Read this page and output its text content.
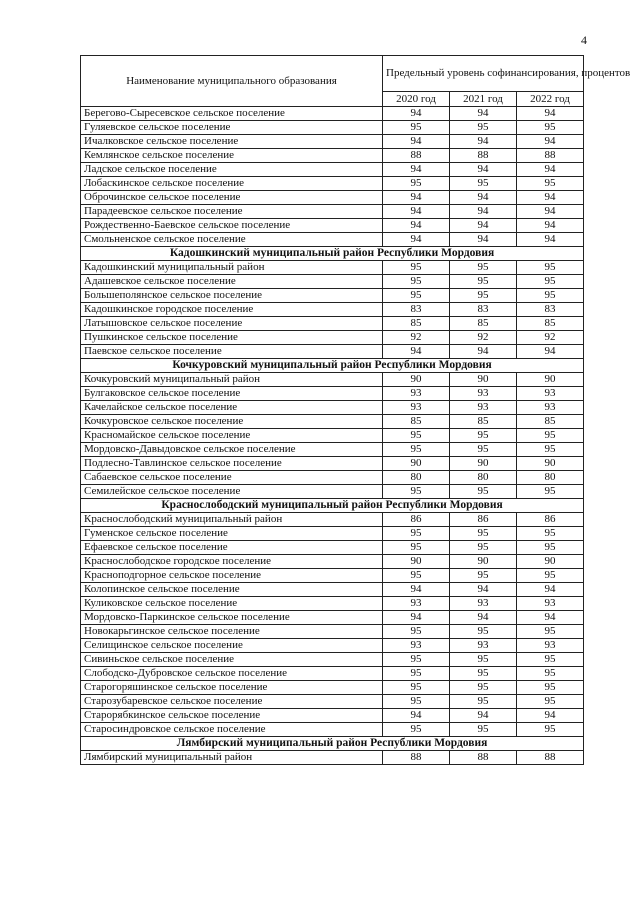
4
Наименование муниципального образования	Предельный уровень софинансирования, процентов		
	2020 год	2021 год	2022 год
Берегово-Сыресевское сельское поселение	94	94	94
Гуляевское сельское поселение	95	95	95
Ичалковское сельское поселение	94	94	94
Кемлянское сельское поселение	88	88	88
Ладское сельское поселение	94	94	94
Лобаскинское сельское поселение	95	95	95
Оброчинское сельское поселение	94	94	94
Парадеевское сельское поселение	94	94	94
Рождественно-Баевское сельское поселение	94	94	94
Смольненское сельское поселение	94	94	94
Кадошкинский муниципальный район Республики Мордовия			
Кадошкинский муниципальный район	95	95	95
Адашевское сельское поселение	95	95	95
Большеполянское сельское поселение	95	95	95
Кадошкинское городское поселение	83	83	83
Латышовское сельское поселение	85	85	85
Пушкинское сельское поселение	92	92	92
Паевское сельское поселение	94	94	94
Кочкуровский муниципальный район Республики Мордовия			
Кочкуровский муниципальный район	90	90	90
Булгаковское сельское поселение	93	93	93
Качелайское сельское поселение	93	93	93
Кочкуровское сельское поселение	85	85	85
Красномайское сельское поселение	95	95	95
Мордовско-Давыдовское сельское поселение	95	95	95
Подлесно-Тавлинское сельское поселение	90	90	90
Сабаевское сельское поселение	80	80	80
Семилейское сельское поселение	95	95	95
Краснослободский муниципальный район Республики Мордовия			
Краснослободский муниципальный район	86	86	86
Гуменское сельское поселение	95	95	95
Ефаевское сельское поселение	95	95	95
Краснослободское городское поселение	90	90	90
Красноподгорное сельское поселение	95	95	95
Колопинское сельское поселение	94	94	94
Куликовское сельское поселение	93	93	93
Мордовско-Паркинское сельское поселение	94	94	94
Новокарьгинское сельское поселение	95	95	95
Селищинское сельское поселение	93	93	93
Сивиньское сельское поселение	95	95	95
Слободско-Дубровское сельское поселение	95	95	95
Старогоряшинское сельское поселение	95	95	95
Старозубаревское сельское поселение	95	95	95
Старорябкинское сельское поселение	94	94	94
Старосиндровское сельское поселение	95	95	95
Лямбирский муниципальный район Республики Мордовия			
Лямбирский муниципальный район	88	88	88
